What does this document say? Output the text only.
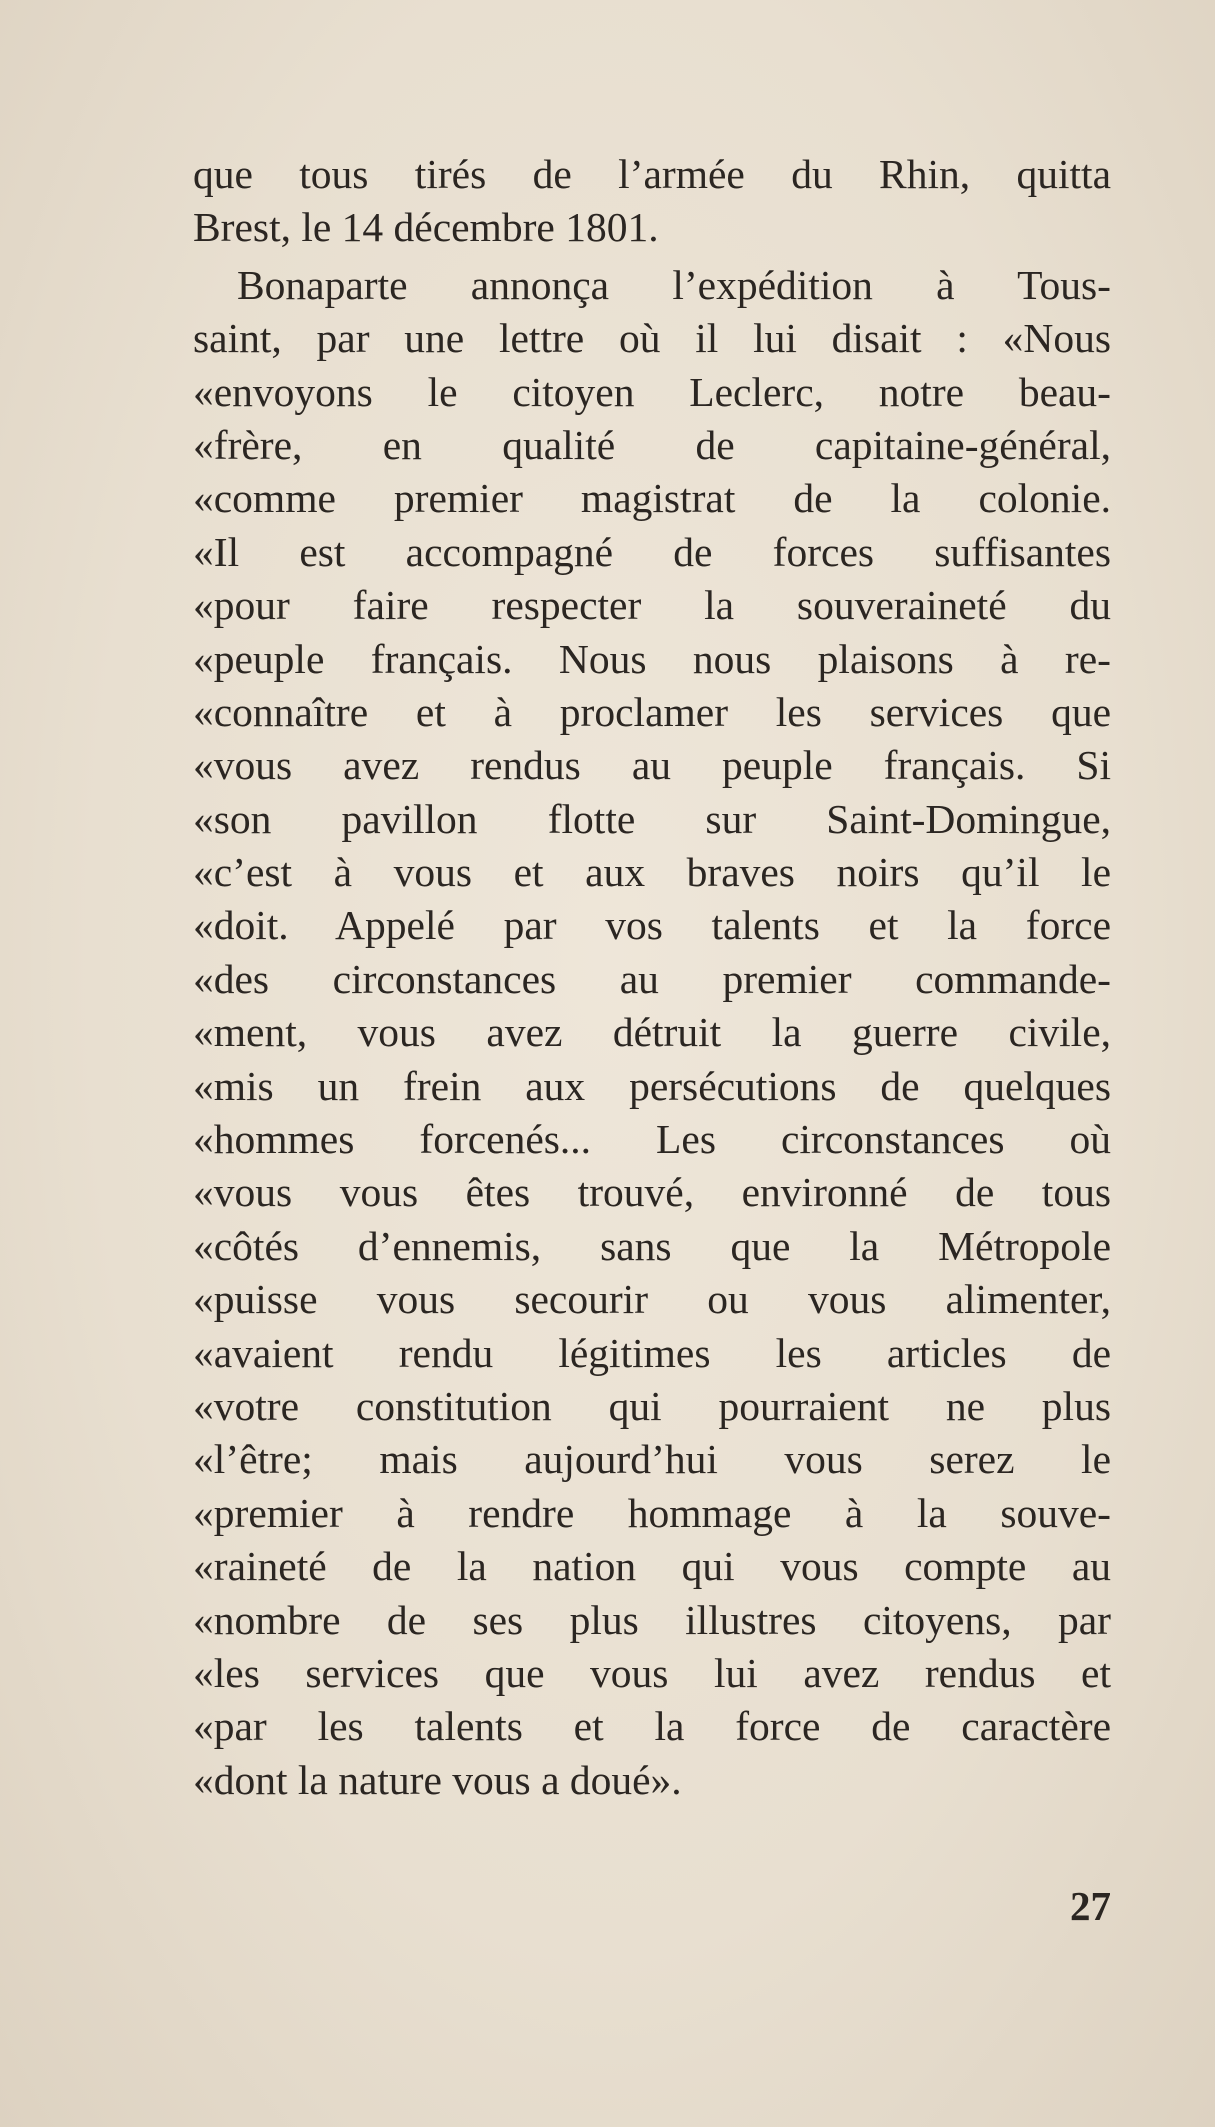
que tous tirés de l’armée du Rhin, quitta
Brest, le 14 décembre 1801.
Bonaparte annonça l’expédition à Tous-
saint, par une lettre où il lui disait : «Nous
«envoyons le citoyen Leclerc, notre beau-
«frère, en qualité de capitaine-général,
«comme premier magistrat de la colonie.
«Il est accompagné de forces suffisantes
«pour faire respecter la souveraineté du
«peuple français. Nous nous plaisons à re-
«connaître et à proclamer les services que
«vous avez rendus au peuple français. Si
«son pavillon flotte sur Saint-Domingue,
«c’est à vous et aux braves noirs qu’il le
«doit. Appelé par vos talents et la force
«des circonstances au premier commande-
«ment, vous avez détruit la guerre civile,
«mis un frein aux persécutions de quelques
«hommes forcenés... Les circonstances où
«vous vous êtes trouvé, environné de tous
«côtés d’ennemis, sans que la Métropole
«puisse vous secourir ou vous alimenter,
«avaient rendu légitimes les articles de
«votre constitution qui pourraient ne plus
«l’être; mais aujourd’hui vous serez le
«premier à rendre hommage à la souve-
«raineté de la nation qui vous compte au
«nombre de ses plus illustres citoyens, par
«les services que vous lui avez rendus et
«par les talents et la force de caractère
«dont la nature vous a doué».
27
